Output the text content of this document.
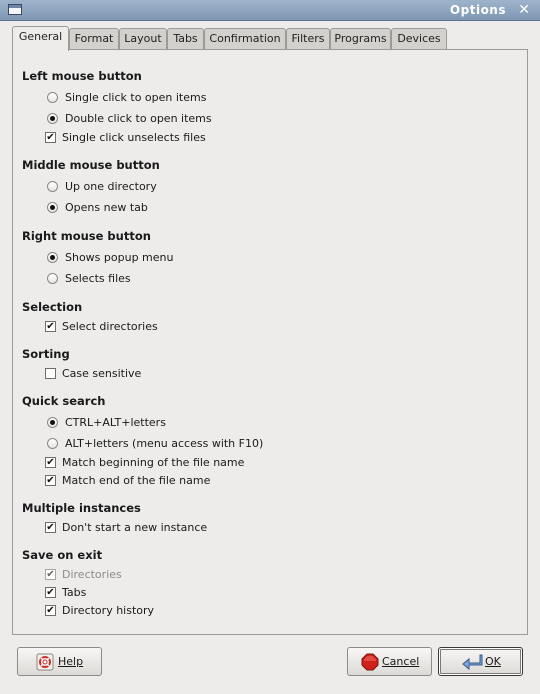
Options ✕
General	Format Layout	Tabs	Confirmation Filters Programs Devices
Left mouse button
Single click to open items
Double click to open items
✔ Single click unselects files
Middle mouse button
Up one directory
Opens new tab
Right mouse button
Shows popup menu
Selects files
Selection
✔ Select directories
Sorting
Case sensitive
Quick search
CTRL+ALT+letters
ALT+letters (menu access with F10)
✔ Match beginning of the file name
✔ Match end of the file name
Multiple instances
✔ Don't start a new instance
Save on exit
✔ Directories
✔ Tabs
✔ Directory history
Help	Cancel	OK
